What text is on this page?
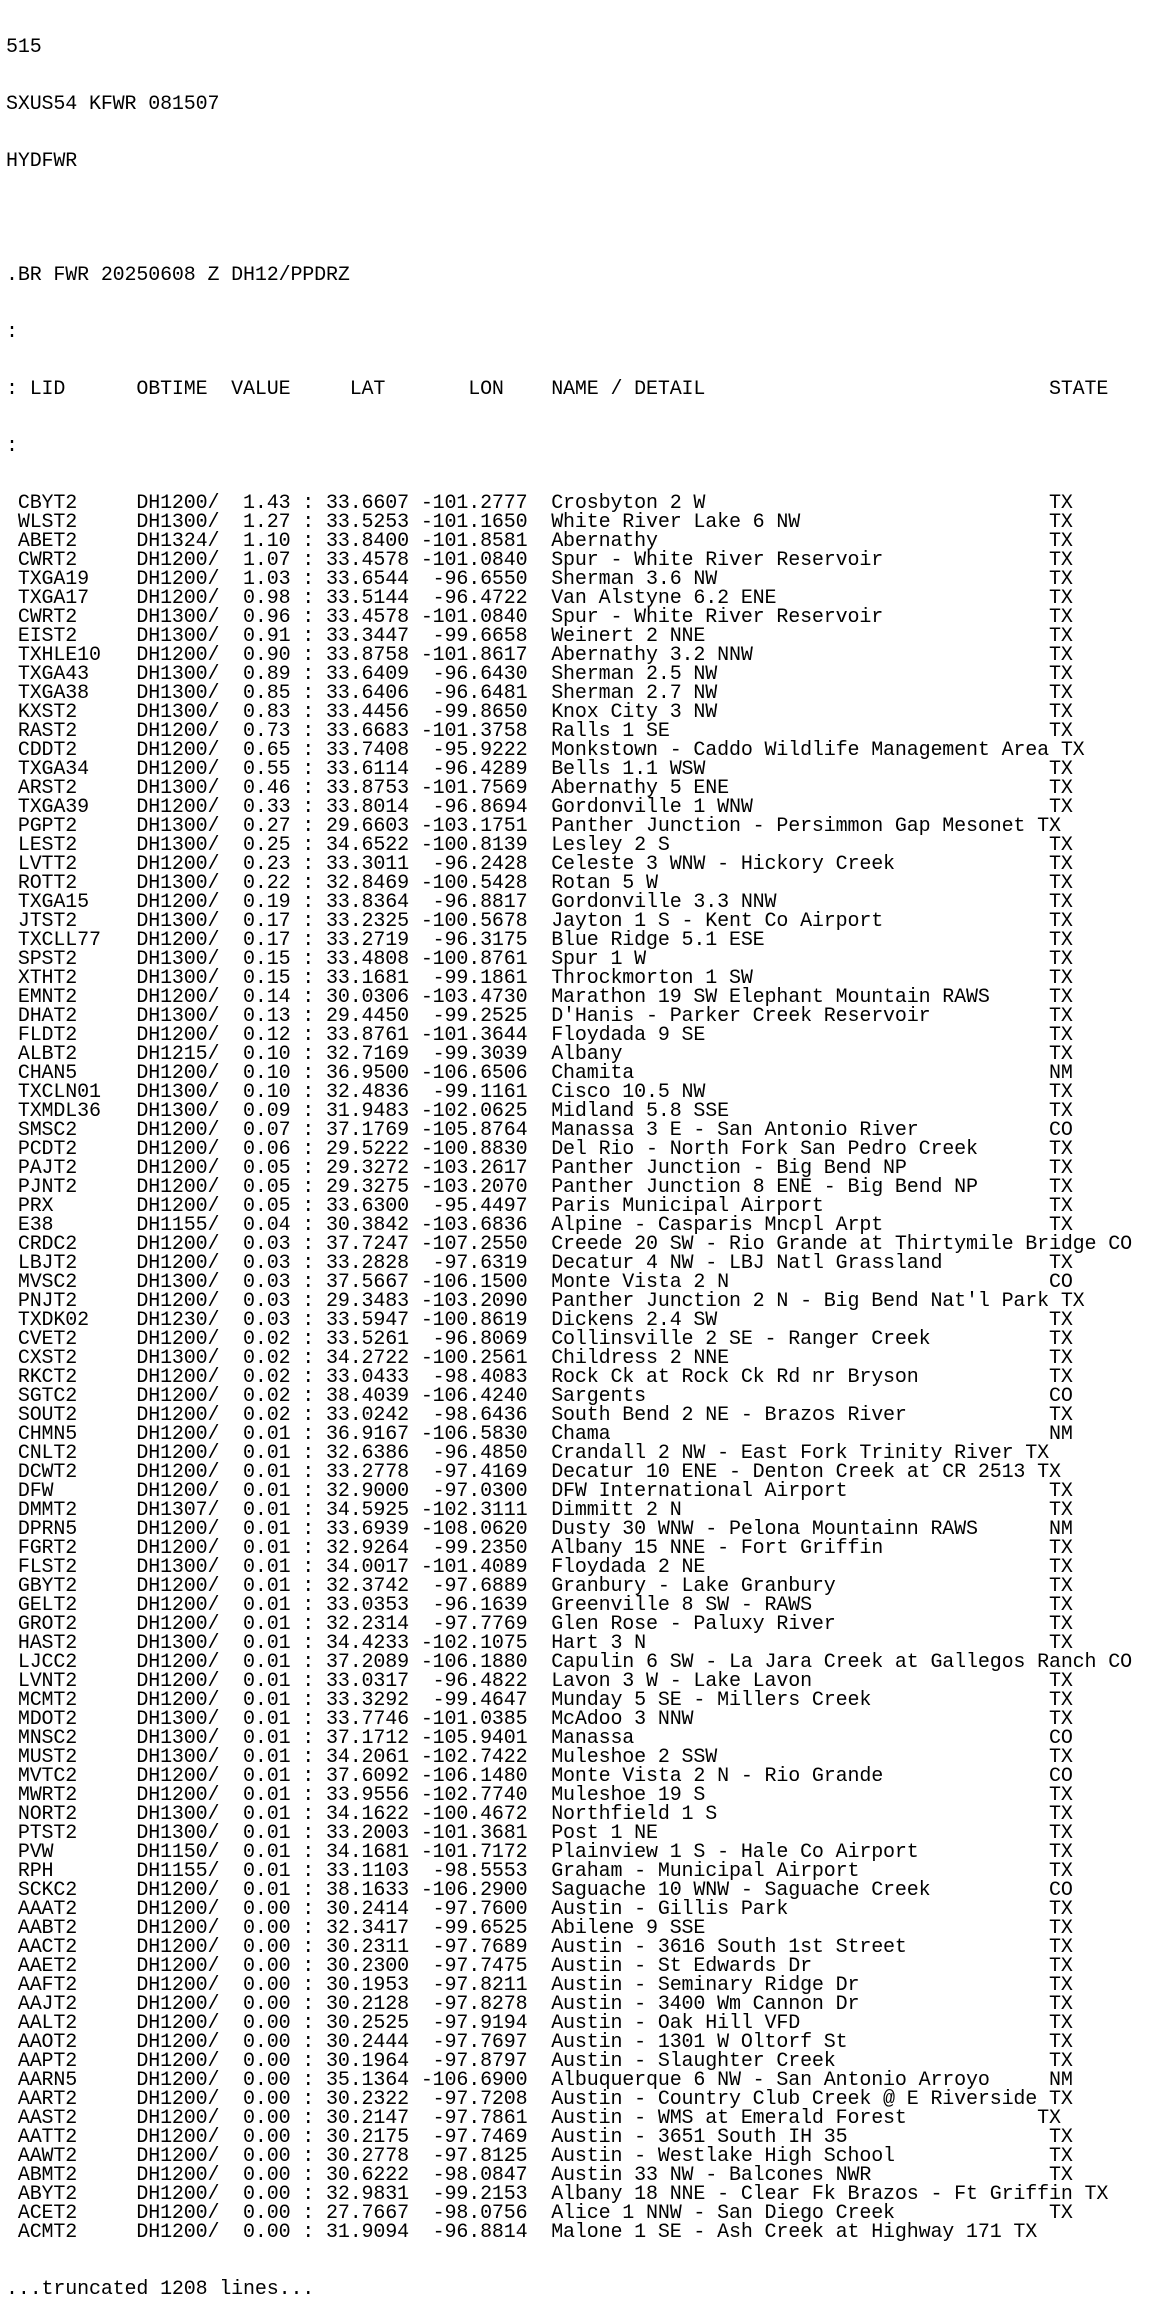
515

SXUS54 KFWR 081507

HYDFWR

.BR FWR 20250608 Z DH12/PPDRZ

:

: LID      OBTIME  VALUE     LAT       LON    NAME / DETAIL                             STATE

:

CBYT2     DH1200/  1.43 : 33.6607 -101.2777  Crosbyton 2 W                             TX
WLST2     DH1300/  1.27 : 33.5253 -101.1650  White River Lake 6 NW                     TX
ABET2     DH1324/  1.10 : 33.8400 -101.8581  Abernathy                                 TX
CWRT2     DH1200/  1.07 : 33.4578 -101.0840  Spur - White River Reservoir              TX
TXGA19    DH1200/  1.03 : 33.6544  -96.6550  Sherman 3.6 NW                            TX
TXGA17    DH1200/  0.98 : 33.5144  -96.4722  Van Alstyne 6.2 ENE                       TX
CWRT2     DH1300/  0.96 : 33.4578 -101.0840  Spur - White River Reservoir              TX
EIST2     DH1300/  0.91 : 33.3447  -99.6658  Weinert 2 NNE                             TX
TXHLE10   DH1200/  0.90 : 33.8758 -101.8617  Abernathy 3.2 NNW                         TX
TXGA43    DH1300/  0.89 : 33.6409  -96.6430  Sherman 2.5 NW                            TX
TXGA38    DH1300/  0.85 : 33.6406  -96.6481  Sherman 2.7 NW                            TX
KXST2     DH1300/  0.83 : 33.4456  -99.8650  Knox City 3 NW                            TX
RAST2     DH1200/  0.73 : 33.6683 -101.3758  Ralls 1 SE                                TX
CDDT2     DH1200/  0.65 : 33.7408  -95.9222  Monkstown - Caddo Wildlife Management Area TX
TXGA34    DH1200/  0.55 : 33.6114  -96.4289  Bells 1.1 WSW                             TX
ARST2     DH1300/  0.46 : 33.8753 -101.7569  Abernathy 5 ENE                           TX
TXGA39    DH1200/  0.33 : 33.8014  -96.8694  Gordonville 1 WNW                         TX
PGPT2     DH1300/  0.27 : 29.6603 -103.1751  Panther Junction - Persimmon Gap Mesonet TX
LEST2     DH1300/  0.25 : 34.6522 -100.8139  Lesley 2 S                                TX
LVTT2     DH1200/  0.23 : 33.3011  -96.2428  Celeste 3 WNW - Hickory Creek             TX
ROTT2     DH1300/  0.22 : 32.8469 -100.5428  Rotan 5 W                                 TX
TXGA15    DH1200/  0.19 : 33.8364  -96.8817  Gordonville 3.3 NNW                       TX
JTST2     DH1300/  0.17 : 33.2325 -100.5678  Jayton 1 S - Kent Co Airport              TX
TXCLL77   DH1200/  0.17 : 33.2719  -96.3175  Blue Ridge 5.1 ESE                        TX
SPST2     DH1300/  0.15 : 33.4808 -100.8761  Spur 1 W                                  TX
XTHT2     DH1300/  0.15 : 33.1681  -99.1861  Throckmorton 1 SW                         TX
EMNT2     DH1200/  0.14 : 30.0306 -103.4730  Marathon 19 SW Elephant Mountain RAWS     TX
DHAT2     DH1300/  0.13 : 29.4450  -99.2525  D'Hanis - Parker Creek Reservoir          TX
FLDT2     DH1200/  0.12 : 33.8761 -101.3644  Floydada 9 SE                             TX
ALBT2     DH1215/  0.10 : 32.7169  -99.3039  Albany                                    TX
CHAN5     DH1200/  0.10 : 36.9500 -106.6506  Chamita                                   NM
TXCLN01   DH1300/  0.10 : 32.4836  -99.1161  Cisco 10.5 NW                             TX
TXMDL36   DH1300/  0.09 : 31.9483 -102.0625  Midland 5.8 SSE                           TX
SMSC2     DH1200/  0.07 : 37.1769 -105.8764  Manassa 3 E - San Antonio River           CO
PCDT2     DH1200/  0.06 : 29.5222 -100.8830  Del Rio - North Fork San Pedro Creek      TX
PAJT2     DH1200/  0.05 : 29.3272 -103.2617  Panther Junction - Big Bend NP            TX
PJNT2     DH1200/  0.05 : 29.3275 -103.2070  Panther Junction 8 ENE - Big Bend NP      TX
PRX       DH1200/  0.05 : 33.6300  -95.4497  Paris Municipal Airport                   TX
E38       DH1155/  0.04 : 30.3842 -103.6836  Alpine - Casparis Mncpl Arpt              TX
CRDC2     DH1200/  0.03 : 37.7247 -107.2550  Creede 20 SW - Rio Grande at Thirtymile Bridge CO
LBJT2     DH1200/  0.03 : 33.2828  -97.6319  Decatur 4 NW - LBJ Natl Grassland         TX
MVSC2     DH1300/  0.03 : 37.5667 -106.1500  Monte Vista 2 N                           CO
PNJT2     DH1200/  0.03 : 29.3483 -103.2090  Panther Junction 2 N - Big Bend Nat'l Park TX
TXDK02    DH1230/  0.03 : 33.5947 -100.8619  Dickens 2.4 SW                            TX
CVET2     DH1200/  0.02 : 33.5261  -96.8069  Collinsville 2 SE - Ranger Creek          TX
CXST2     DH1300/  0.02 : 34.2722 -100.2561  Childress 2 NNE                           TX
RKCT2     DH1200/  0.02 : 33.0433  -98.4083  Rock Ck at Rock Ck Rd nr Bryson           TX
SGTC2     DH1200/  0.02 : 38.4039 -106.4240  Sargents                                  CO
SOUT2     DH1200/  0.02 : 33.0242  -98.6436  South Bend 2 NE - Brazos River            TX
CHMN5     DH1200/  0.01 : 36.9167 -106.5830  Chama                                     NM
CNLT2     DH1200/  0.01 : 32.6386  -96.4850  Crandall 2 NW - East Fork Trinity River TX
DCWT2     DH1200/  0.01 : 33.2778  -97.4169  Decatur 10 ENE - Denton Creek at CR 2513 TX
DFW       DH1200/  0.01 : 32.9000  -97.0300  DFW International Airport                 TX
DMMT2     DH1307/  0.01 : 34.5925 -102.3111  Dimmitt 2 N                               TX
DPRN5     DH1200/  0.01 : 33.6939 -108.0620  Dusty 30 WNW - Pelona Mountainn RAWS      NM
FGRT2     DH1200/  0.01 : 32.9264  -99.2350  Albany 15 NNE - Fort Griffin              TX
FLST2     DH1300/  0.01 : 34.0017 -101.4089  Floydada 2 NE                             TX
GBYT2     DH1200/  0.01 : 32.3742  -97.6889  Granbury - Lake Granbury                  TX
GELT2     DH1200/  0.01 : 33.0353  -96.1639  Greenville 8 SW - RAWS                    TX
GROT2     DH1200/  0.01 : 32.2314  -97.7769  Glen Rose - Paluxy River                  TX
HAST2     DH1300/  0.01 : 34.4233 -102.1075  Hart 3 N                                  TX
LJCC2     DH1200/  0.01 : 37.2089 -106.1880  Capulin 6 SW - La Jara Creek at Gallegos Ranch CO
LVNT2     DH1200/  0.01 : 33.0317  -96.4822  Lavon 3 W - Lake Lavon                    TX
MCMT2     DH1200/  0.01 : 33.3292  -99.4647  Munday 5 SE - Millers Creek               TX
MDOT2     DH1300/  0.01 : 33.7746 -101.0385  McAdoo 3 NNW                              TX
MNSC2     DH1300/  0.01 : 37.1712 -105.9401  Manassa                                   CO
MUST2     DH1300/  0.01 : 34.2061 -102.7422  Muleshoe 2 SSW                            TX
MVTC2     DH1200/  0.01 : 37.6092 -106.1480  Monte Vista 2 N - Rio Grande              CO
MWRT2     DH1200/  0.01 : 33.9556 -102.7740  Muleshoe 19 S                             TX
NORT2     DH1300/  0.01 : 34.1622 -100.4672  Northfield 1 S                            TX
PTST2     DH1300/  0.01 : 33.2003 -101.3681  Post 1 NE                                 TX
PVW       DH1150/  0.01 : 34.1681 -101.7172  Plainview 1 S - Hale Co Airport           TX
RPH       DH1155/  0.01 : 33.1103  -98.5553  Graham - Municipal Airport                TX
SCKC2     DH1200/  0.01 : 38.1633 -106.2900  Saguache 10 WNW - Saguache Creek          CO
AAAT2     DH1200/  0.00 : 30.2414  -97.7600  Austin - Gillis Park                      TX
AABT2     DH1200/  0.00 : 32.3417  -99.6525  Abilene 9 SSE                             TX
AACT2     DH1200/  0.00 : 30.2311  -97.7689  Austin - 3616 South 1st Street            TX
AAET2     DH1200/  0.00 : 30.2300  -97.7475  Austin - St Edwards Dr                    TX
AAFT2     DH1200/  0.00 : 30.1953  -97.8211  Austin - Seminary Ridge Dr                TX
AAJT2     DH1200/  0.00 : 30.2128  -97.8278  Austin - 3400 Wm Cannon Dr                TX
AALT2     DH1200/  0.00 : 30.2525  -97.9194  Austin - Oak Hill VFD                     TX
AAOT2     DH1200/  0.00 : 30.2444  -97.7697  Austin - 1301 W Oltorf St                 TX
AAPT2     DH1200/  0.00 : 30.1964  -97.8797  Austin - Slaughter Creek                  TX
AARN5     DH1200/  0.00 : 35.1364 -106.6900  Albuquerque 6 NW - San Antonio Arroyo     NM
AART2     DH1200/  0.00 : 30.2322  -97.7208  Austin - Country Club Creek @ E Riverside TX
AAST2     DH1200/  0.00 : 30.2147  -97.7861  Austin - WMS at Emerald Forest           TX
AATT2     DH1200/  0.00 : 30.2175  -97.7469  Austin - 3651 South IH 35                 TX
AAWT2     DH1200/  0.00 : 30.2778  -97.8125  Austin - Westlake High School             TX
ABMT2     DH1200/  0.00 : 30.6222  -98.0847  Austin 33 NW - Balcones NWR               TX
ABYT2     DH1200/  0.00 : 32.9831  -99.2153  Albany 18 NNE - Clear Fk Brazos - Ft Griffin TX
ACET2     DH1200/  0.00 : 27.7667  -98.0756  Alice 1 NNW - San Diego Creek             TX
ACMT2     DH1200/  0.00 : 31.9094  -96.8814  Malone 1 SE - Ash Creek at Highway 171 TX

...truncated 1208 lines...
